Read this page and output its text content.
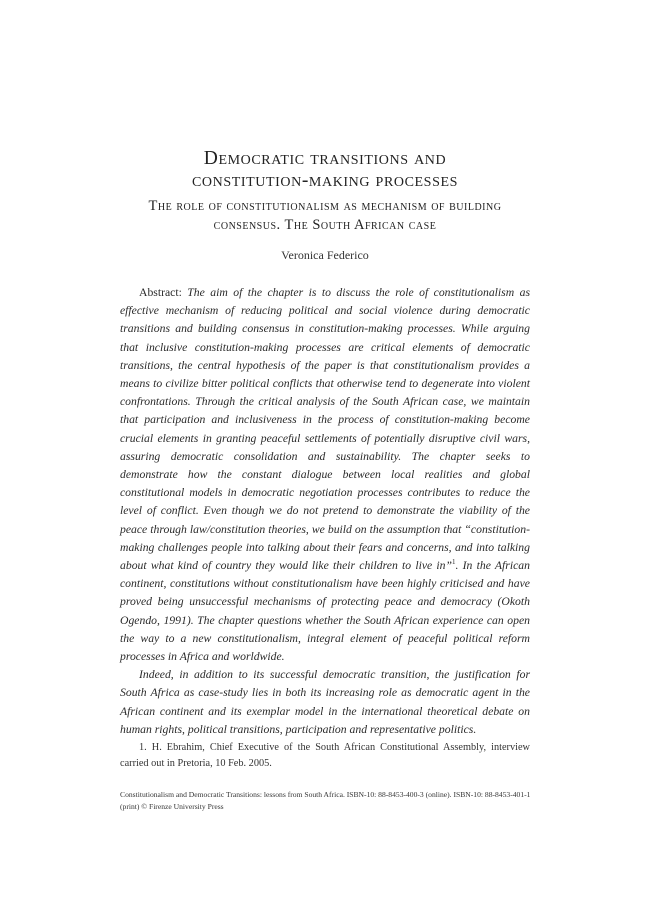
Democratic transitions and
constitution-making processes
The role of constitutionalism as mechanism of building
consensus. The South African case
Veronica Federico

Abstract: The aim of the chapter is to discuss the role of constitutionalism as effective mechanism of reducing political and social violence during democratic transitions and building consensus in constitution-making processes. While arguing that inclusive constitution-making processes are critical elements of democratic transitions, the central hypothesis of the paper is that constitutionalism provides a means to civilize bitter political conflicts that otherwise tend to degenerate into violent confrontations. Through the critical analysis of the South African case, we maintain that participation and inclusiveness in the process of constitution-making become crucial elements in granting peaceful settlements of potentially disruptive civil wars, assuring democratic consolidation and sustainability. The chapter seeks to demonstrate how the constant dialogue between local realities and global constitutional models in democratic negotiation processes contributes to reduce the level of conflict. Even though we do not pretend to demonstrate the viability of the peace through law/constitution theories, we build on the assumption that “constitution-making challenges people into talking about their fears and concerns, and into talking about what kind of country they would like their children to live in”$^1$. In the African continent, constitutions without constitutionalism have been highly criticised and have proved being unsuccessful mechanisms of protecting peace and democracy (Okoth Ogendo, 1991). The chapter questions whether the South African experience can open the way to a new constitutionalism, integral element of peaceful political reform processes in Africa and worldwide.

Indeed, in addition to its successful democratic transition, the justification for South Africa as case-study lies in both its increasing role as democratic agent in the African continent and its exemplar model in the international theoretical debate on human rights, political transitions, participation and representative politics.

1. H. Ebrahim, Chief Executive of the South African Constitutional Assembly, interview carried out in Pretoria, 10 Feb. 2005.

Constitutionalism and Democratic Transitions: lessons from South Africa. ISBN-10: 88-8453-400-3 (online). ISBN-10: 88-8453-401-1 (print) © Firenze University Press
